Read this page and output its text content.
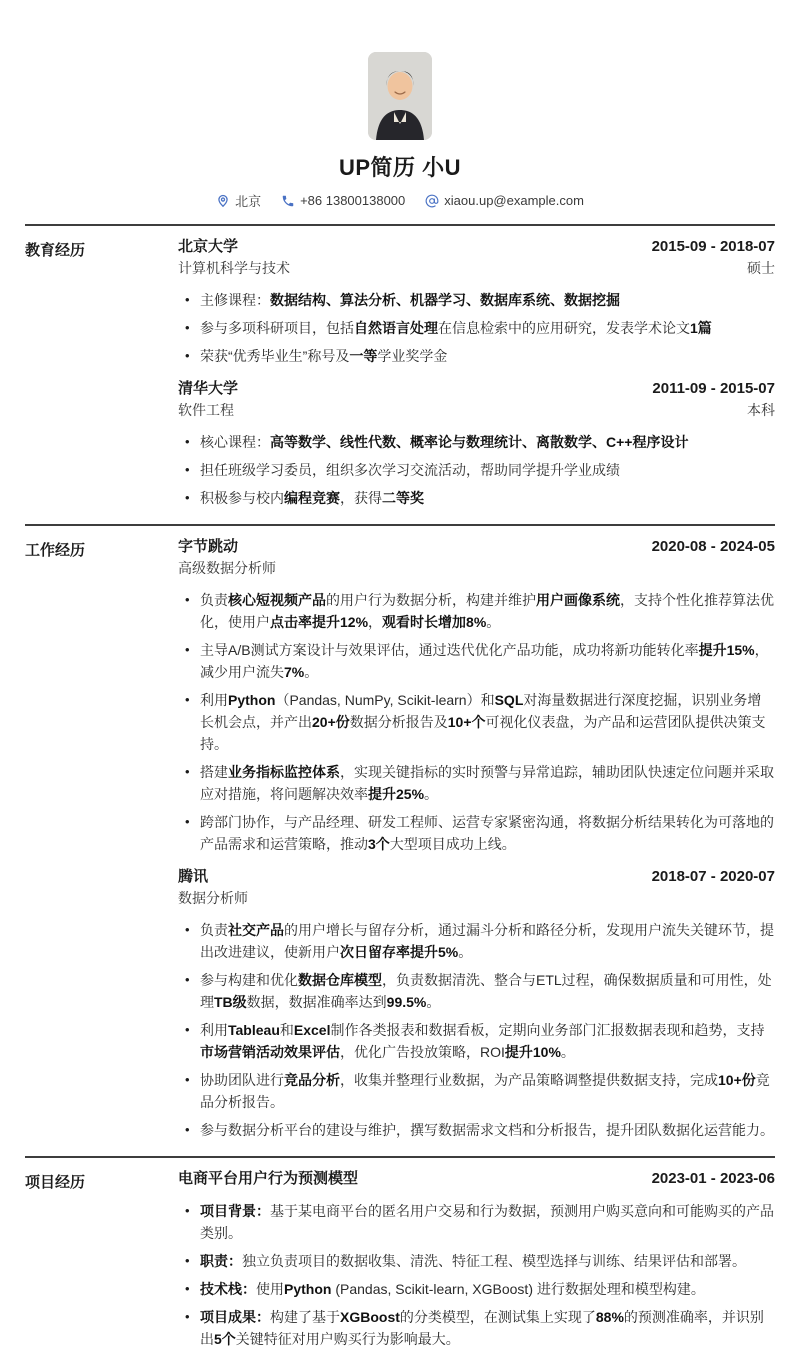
UP简历 小U
北京	+86 13800138000	xiaou.up@example.com
教育经历	北京大学	2015-09 - 2018-07
计算机科学与技术	硕士
• 主修课程：数据结构、算法分析、机器学习、数据库系统、数据挖掘
• 参与多项科研项目，包括自然语言处理在信息检索中的应用研究，发表学术论文1篇
• 荣获“优秀毕业生”称号及一等学业奖学金
清华大学	2011-09 - 2015-07
软件工程	本科
• 核心课程：高等数学、线性代数、概率论与数理统计、离散数学、C++程序设计
• 担任班级学习委员，组织多次学习交流活动，帮助同学提升学业成绩
• 积极参与校内编程竞赛，获得二等奖
工作经历	字节跳动	2020-08 - 2024-05
高级数据分析师
• 负责核心短视频产品的用户行为数据分析，构建并维护用户画像系统，支持个性化推荐算法优化，使用户点击率提升12%，观看时长增加8%。
• 主导A/B测试方案设计与效果评估，通过迭代优化产品功能，成功将新功能转化率提升15%，减少用户流失7%。
• 利用Python（Pandas, NumPy, Scikit-learn）和SQL对海量数据进行深度挖掘，识别业务增长机会点，并产出20+份数据分析报告及10+个可视化仪表盘，为产品和运营团队提供决策支持。
• 搭建业务指标监控体系，实现关键指标的实时预警与异常追踪，辅助团队快速定位问题并采取应对措施，将问题解决效率提升25%。
• 跨部门协作，与产品经理、研发工程师、运营专家紧密沟通，将数据分析结果转化为可落地的产品需求和运营策略，推动3个大型项目成功上线。
腾讯	2018-07 - 2020-07
数据分析师
• 负责社交产品的用户增长与留存分析，通过漏斗分析和路径分析，发现用户流失关键环节，提出改进建议，使新用户次日留存率提升5%。
• 参与构建和优化数据仓库模型，负责数据清洗、整合与ETL过程，确保数据质量和可用性，处理TB级数据，数据准确率达到99.5%。
• 利用Tableau和Excel制作各类报表和数据看板，定期向业务部门汇报数据表现和趋势，支持市场营销活动效果评估，优化广告投放策略，ROI提升10%。
• 协助团队进行竞品分析，收集并整理行业数据，为产品策略调整提供数据支持，完成10+份竞品分析报告。
• 参与数据分析平台的建设与维护，撰写数据需求文档和分析报告，提升团队数据化运营能力。
项目经历	电商平台用户行为预测模型	2023-01 - 2023-06
• 项目背景：基于某电商平台的匿名用户交易和行为数据，预测用户购买意向和可能购买的产品类别。
• 职责：独立负责项目的数据收集、清洗、特征工程、模型选择与训练、结果评估和部署。
• 技术栈：使用Python (Pandas, Scikit-learn, XGBoost) 进行数据处理和模型构建。
• 项目成果：构建了基于XGBoost的分类模型，在测试集上实现了88%的预测准确率，并识别出5个关键特征对用户购买行为影响最大。
